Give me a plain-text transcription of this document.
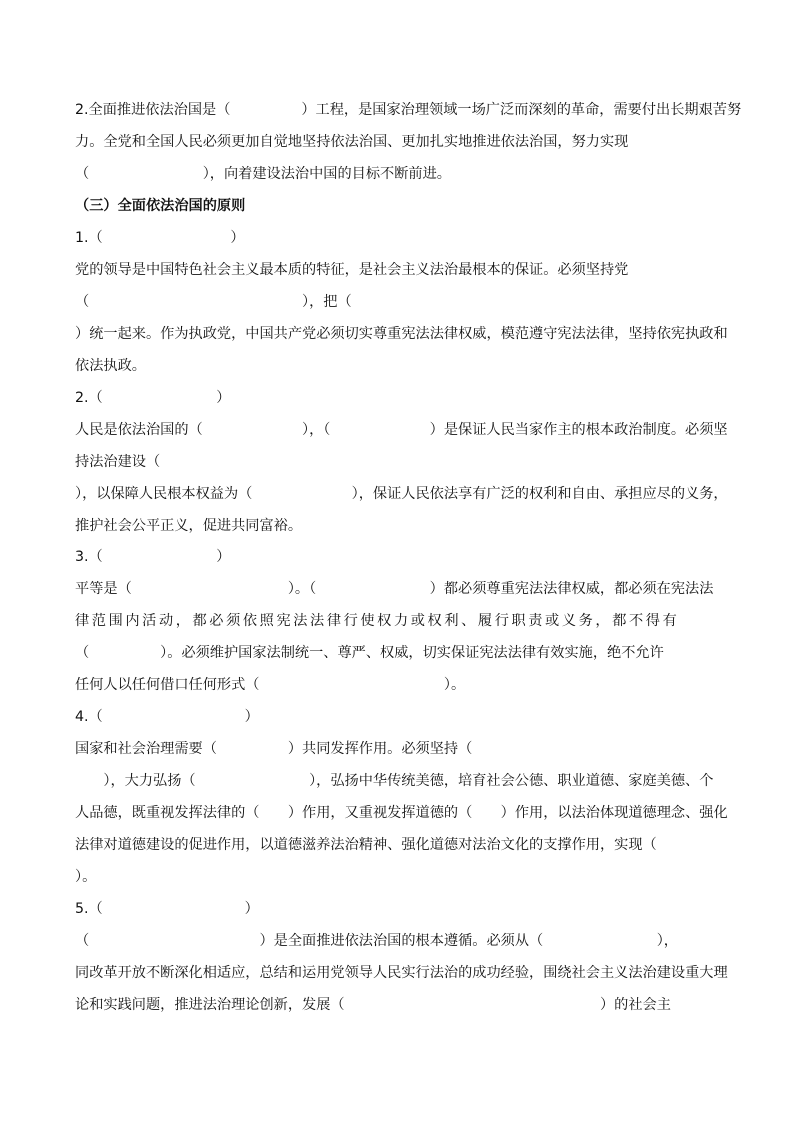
2.全面推进依法治国是（　　　　　）工程，是国家治理领域一场广泛而深刻的革命，需要付出长期艰苦努
力。全党和全国人民必须更加自觉地坚持依法治国、更加扎实地推进依法治国，努力实现
（　　　　　　　　），向着建设法治中国的目标不断前进。
（三）全面依法治国的原则
1.（　　　　　　　　　）
党的领导是中国特色社会主义最本质的特征，是社会主义法治最根本的保证。必须坚持党
（　　　　　　　　　　　　　　　），把（
）统一起来。作为执政党，中国共产党必须切实尊重宪法法律权威，模范遵守宪法法律，坚持依宪执政和
依法执政。
2.（　　　　　　　　）
人民是依法治国的（　　　　　　　），（　　　　　　　）是保证人民当家作主的根本政治制度。必须坚
持法治建设（
），以保障人民根本权益为（　　　　　　　），保证人民依法享有广泛的权利和自由、承担应尽的义务，
推护社会公平正义，促进共同富裕。
3.（　　　　　　　　）
平等是（　　　　　　　　　　　）。（　　　　　　　　）都必须尊重宪法法律权威，都必须在宪法法
律范围内活动，都必须依照宪法法律行使权力或权利、履行职责或义务，都不得有
（　　　　　）。必须维护国家法制统一、尊严、权威，切实保证宪法法律有效实施，绝不允许
任何人以任何借口任何形式（　　　　　　　　　　　　　）。
4.（　　　　　　　　　　）
国家和社会治理需要（　　　　　）共同发挥作用。必须坚持（
　　），大力弘扬（　　　　　　　　），弘扬中华传统美德，培育社会公德、职业道德、家庭美德、个
人品德，既重视发挥法律的（　　）作用，又重视发挥道德的（　　）作用，以法治体现道德理念、强化
法律对道德建设的促进作用，以道德滋养法治精神、强化道德对法治文化的支撑作用，实现（
）。
5.（　　　　　　　　　　）
（　　　　　　　　　　　　）是全面推进依法治国的根本遵循。必须从（　　　　　　　　），
同改革开放不断深化相适应，总结和运用党领导人民实行法治的成功经验，围绕社会主义法治建设重大理
论和实践问题，推进法治理论创新，发展（　　　　　　　　　　　　　　　　　　）的社会主
